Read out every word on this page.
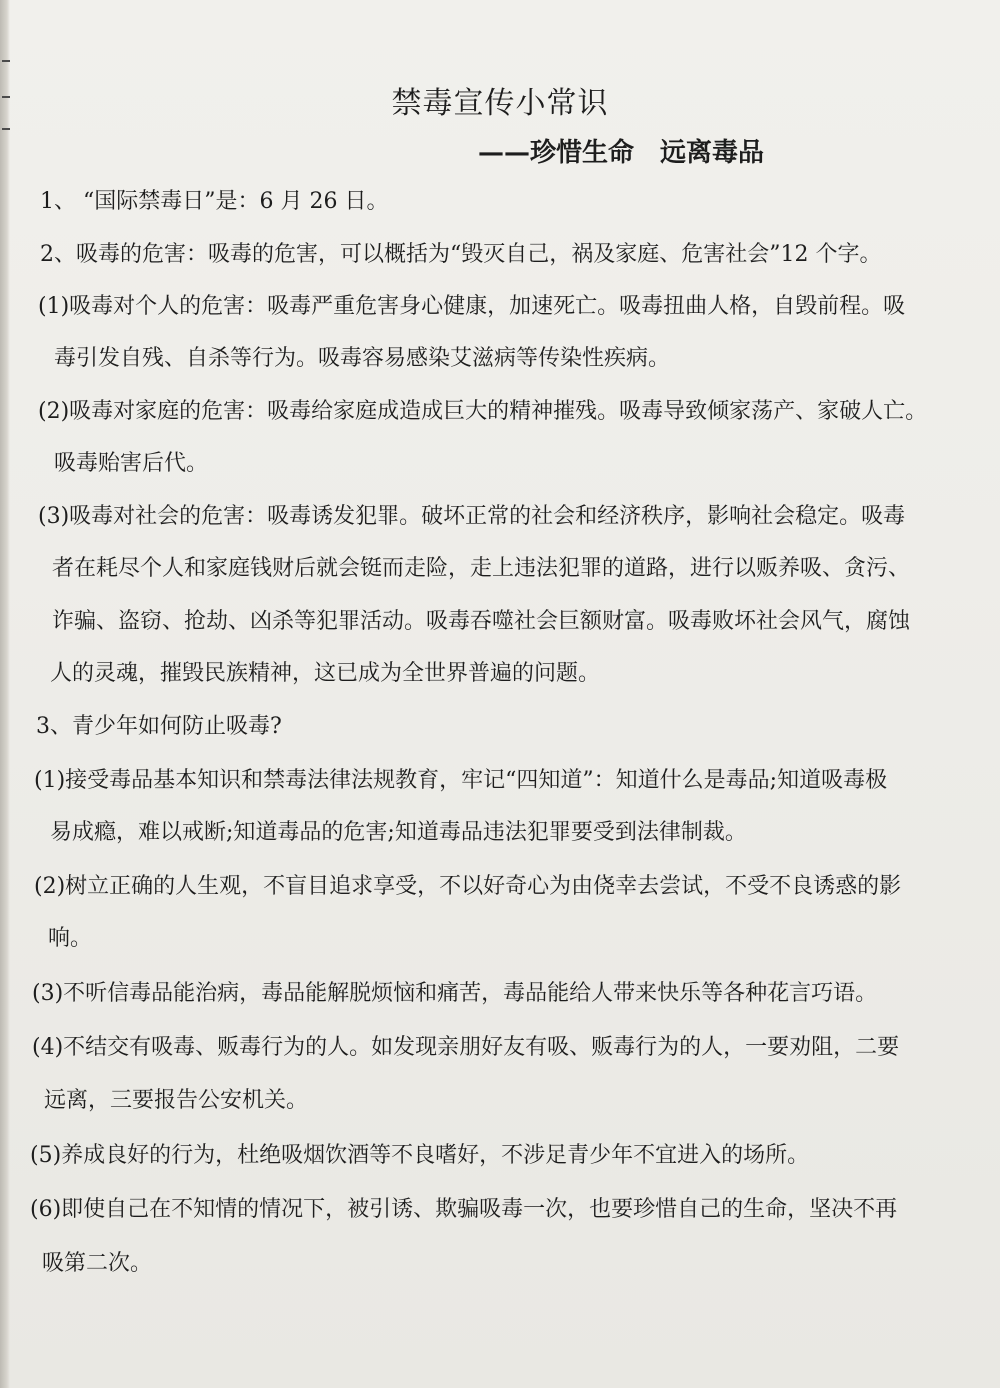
禁毒宣传小常识
——珍惜生命　远离毒品

1、 “国际禁毒日”是：6 月 26 日。

2、吸毒的危害：吸毒的危害，可以概括为“毁灭自己，祸及家庭、危害社会”12 个字。

(1)吸毒对个人的危害：吸毒严重危害身心健康，加速死亡。吸毒扭曲人格，自毁前程。吸

毒引发自残、自杀等行为。吸毒容易感染艾滋病等传染性疾病。

(2)吸毒对家庭的危害：吸毒给家庭成造成巨大的精神摧残。吸毒导致倾家荡产、家破人亡。

吸毒贻害后代。

(3)吸毒对社会的危害：吸毒诱发犯罪。破坏正常的社会和经济秩序，影响社会稳定。吸毒

者在耗尽个人和家庭钱财后就会铤而走险，走上违法犯罪的道路，进行以贩养吸、贪污、

诈骗、盗窃、抢劫、凶杀等犯罪活动。吸毒吞噬社会巨额财富。吸毒败坏社会风气，腐蚀

人的灵魂，摧毁民族精神，这已成为全世界普遍的问题。

3、青少年如何防止吸毒?

(1)接受毒品基本知识和禁毒法律法规教育，牢记“四知道”：知道什么是毒品;知道吸毒极

易成瘾，难以戒断;知道毒品的危害;知道毒品违法犯罪要受到法律制裁。

(2)树立正确的人生观，不盲目追求享受，不以好奇心为由侥幸去尝试，不受不良诱惑的影

响。

(3)不听信毒品能治病，毒品能解脱烦恼和痛苦，毒品能给人带来快乐等各种花言巧语。

(4)不结交有吸毒、贩毒行为的人。如发现亲朋好友有吸、贩毒行为的人，一要劝阻，二要

远离，三要报告公安机关。

(5)养成良好的行为，杜绝吸烟饮酒等不良嗜好，不涉足青少年不宜进入的场所。

(6)即使自己在不知情的情况下，被引诱、欺骗吸毒一次，也要珍惜自己的生命，坚决不再

吸第二次。
